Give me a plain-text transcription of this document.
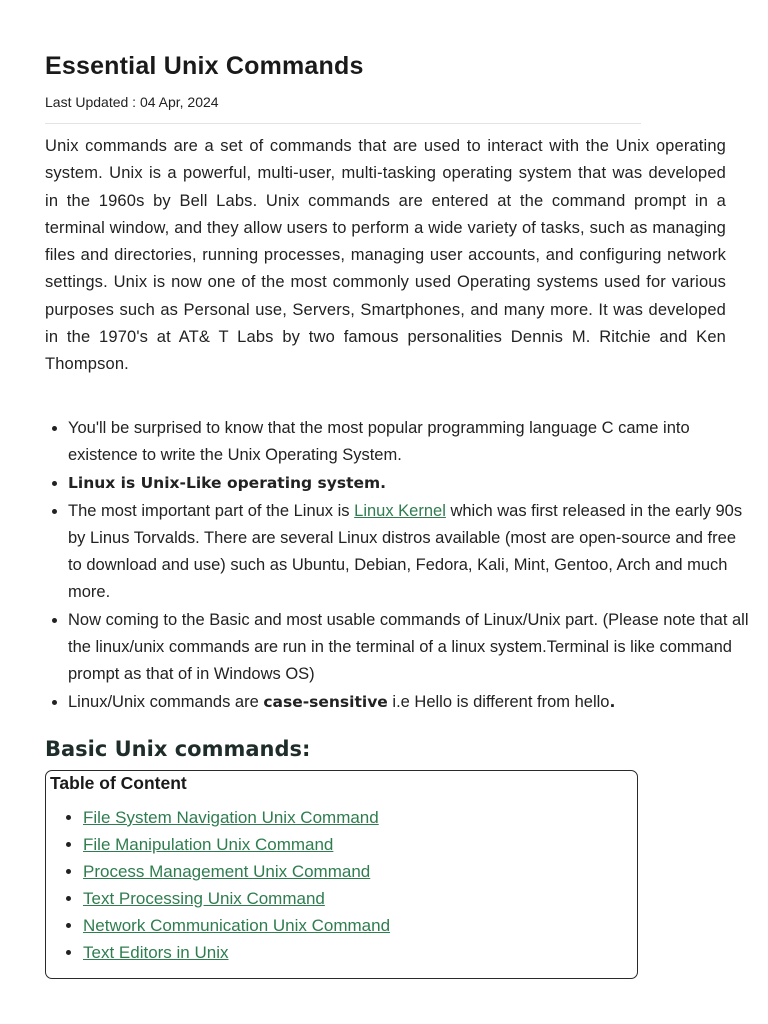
Essential Unix Commands
Last Updated : 04 Apr, 2024

Unix commands are a set of commands that are used to interact with the Unix operating system. Unix is a powerful, multi-user, multi-tasking operating system that was developed in the 1960s by Bell Labs. Unix commands are entered at the command prompt in a terminal window, and they allow users to perform a wide variety of tasks, such as managing files and directories, running processes, managing user accounts, and configuring network settings. Unix is now one of the most commonly used Operating systems used for various purposes such as Personal use, Servers, Smartphones, and many more. It was developed in the 1970's at AT& T Labs by two famous personalities Dennis M. Ritchie and Ken Thompson.

• You'll be surprised to know that the most popular programming language C came into existence to write the Unix Operating System.
• Linux is Unix-Like operating system.
• The most important part of the Linux is Linux Kernel which was first released in the early 90s by Linus Torvalds. There are several Linux distros available (most are open-source and free to download and use) such as Ubuntu, Debian, Fedora, Kali, Mint, Gentoo, Arch and much more.
• Now coming to the Basic and most usable commands of Linux/Unix part. (Please note that all the linux/unix commands are run in the terminal of a linux system.Terminal is like command prompt as that of in Windows OS)
• Linux/Unix commands are case-sensitive i.e Hello is different from hello.
Basic Unix commands:
Table of Content
• File System Navigation Unix Command
• File Manipulation Unix Command
• Process Management Unix Command
• Text Processing Unix Command
• Network Communication Unix Command
• Text Editors in Unix
